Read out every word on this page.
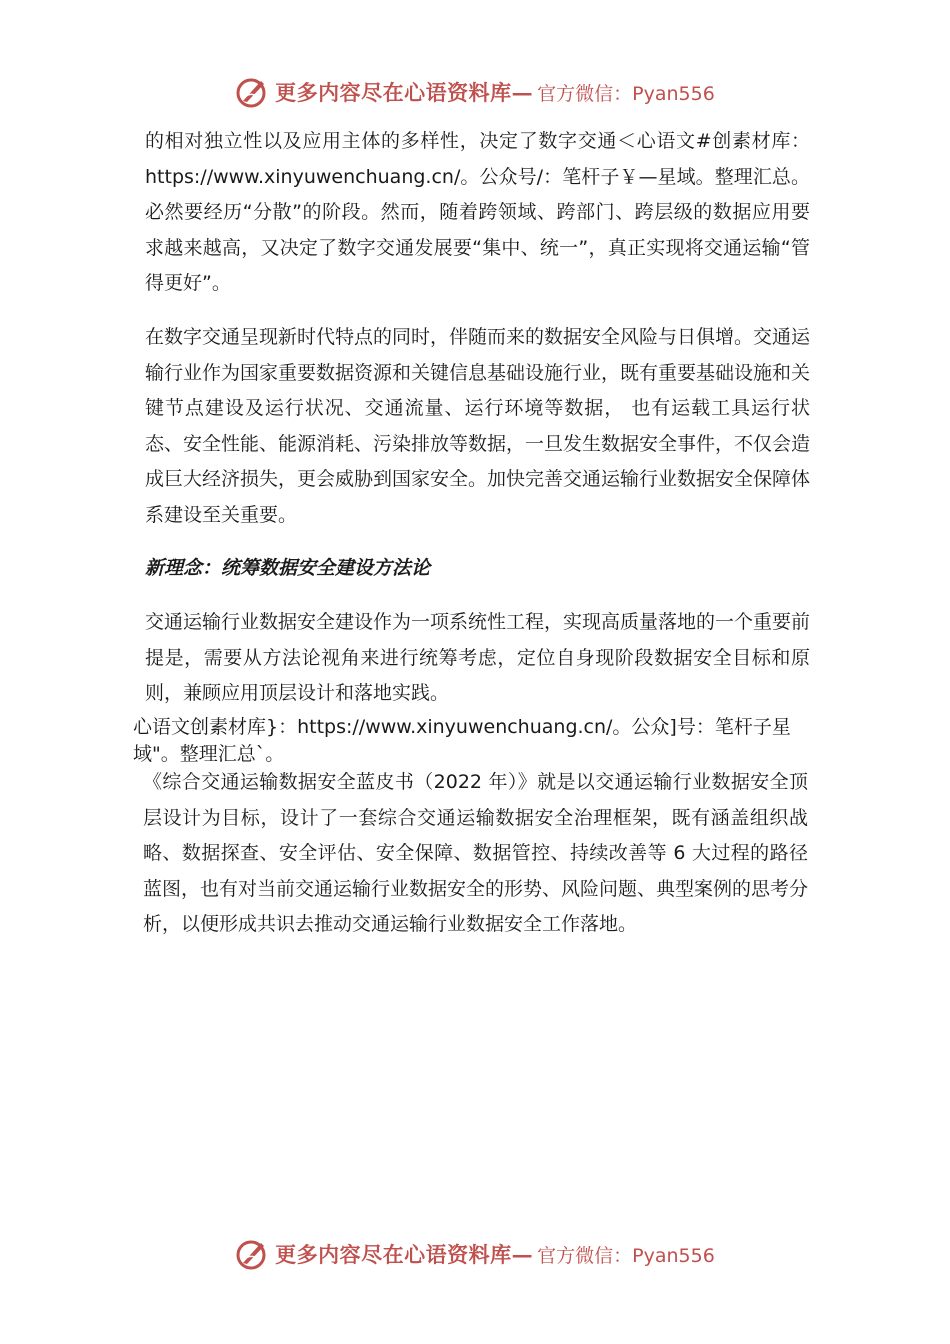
更多内容尽在心语资料库— 官方微信：Pyan556

的相对独立性以及应用主体的多样性，决定了数字交通＜心语文#创素材库：https://www.xinyuwenchuang.cn/。公众号/：笔杆子￥—星域。整理汇总。必然要经历“分散”的阶段。然而，随着跨领域、跨部门、跨层级的数据应用要求越来越高，又决定了数字交通发展要“集中、统一”，真正实现将交通运输“管得更好”。

在数字交通呈现新时代特点的同时，伴随而来的数据安全风险与日俱增。交通运输行业作为国家重要数据资源和关键信息基础设施行业，既有重要基础设施和关键节点建设及运行状况、交通流量、运行环境等数据， 也有运载工具运行状态、安全性能、能源消耗、污染排放等数据，一旦发生数据安全事件，不仅会造成巨大经济损失，更会威胁到国家安全。加快完善交通运输行业数据安全保障体系建设至关重要。

新理念：统筹数据安全建设方法论

交通运输行业数据安全建设作为一项系统性工程，实现高质量落地的一个重要前提是，需要从方法论视角来进行统筹考虑，定位自身现阶段数据安全目标和原则，兼顾应用顶层设计和落地实践。

心语文创素材库}：https://www.xinyuwenchuang.cn/。公众]号：笔杆子星域"。整理汇总`。

《综合交通运输数据安全蓝皮书（2022 年）》就是以交通运输行业数据安全顶层设计为目标，设计了一套综合交通运输数据安全治理框架，既有涵盖组织战略、数据探查、安全评估、安全保障、数据管控、持续改善等 6 大过程的路径蓝图，也有对当前交通运输行业数据安全的形势、风险问题、典型案例的思考分析，以便形成共识去推动交通运输行业数据安全工作落地。

更多内容尽在心语资料库— 官方微信：Pyan556
